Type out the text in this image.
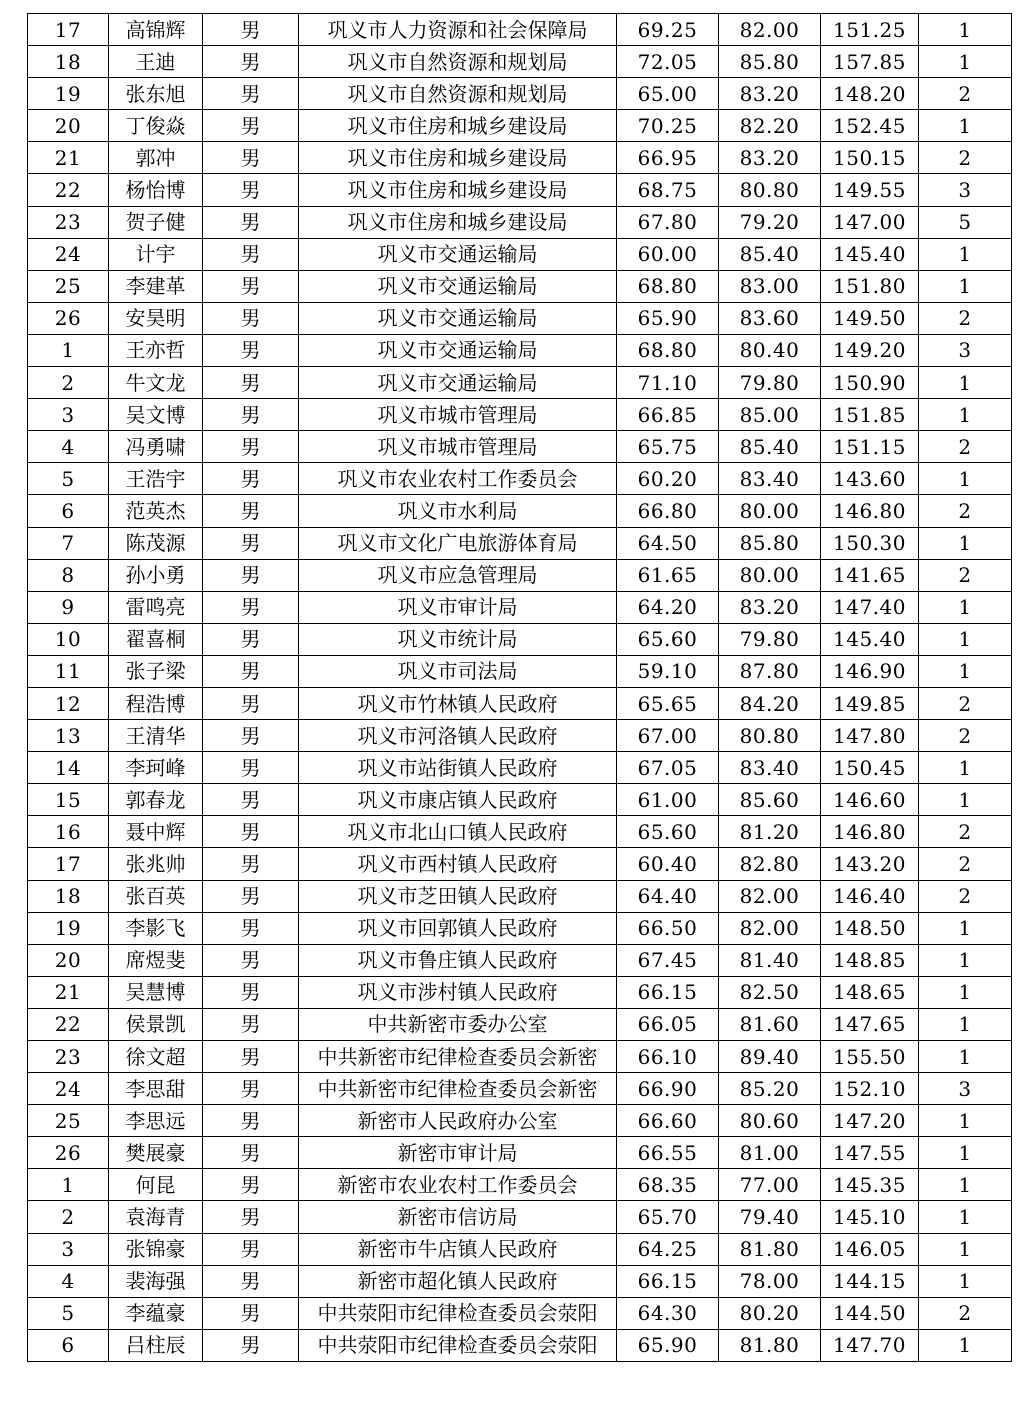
17	高锦辉	男	巩义市人力资源和社会保障局	69.25	82.00	151.25	1
18	王迪	男	巩义市自然资源和规划局	72.05	85.80	157.85	1
19	张东旭	男	巩义市自然资源和规划局	65.00	83.20	148.20	2
20	丁俊焱	男	巩义市住房和城乡建设局	70.25	82.20	152.45	1
21	郭冲	男	巩义市住房和城乡建设局	66.95	83.20	150.15	2
22	杨怡博	男	巩义市住房和城乡建设局	68.75	80.80	149.55	3
23	贺子健	男	巩义市住房和城乡建设局	67.80	79.20	147.00	5
24	计宇	男	巩义市交通运输局	60.00	85.40	145.40	1
25	李建革	男	巩义市交通运输局	68.80	83.00	151.80	1
26	安昊明	男	巩义市交通运输局	65.90	83.60	149.50	2
1	王亦哲	男	巩义市交通运输局	68.80	80.40	149.20	3
2	牛文龙	男	巩义市交通运输局	71.10	79.80	150.90	1
3	吴文博	男	巩义市城市管理局	66.85	85.00	151.85	1
4	冯勇啸	男	巩义市城市管理局	65.75	85.40	151.15	2
5	王浩宇	男	巩义市农业农村工作委员会	60.20	83.40	143.60	1
6	范英杰	男	巩义市水利局	66.80	80.00	146.80	2
7	陈茂源	男	巩义市文化广电旅游体育局	64.50	85.80	150.30	1
8	孙小勇	男	巩义市应急管理局	61.65	80.00	141.65	2
9	雷鸣亮	男	巩义市审计局	64.20	83.20	147.40	1
10	翟喜桐	男	巩义市统计局	65.60	79.80	145.40	1
11	张子梁	男	巩义市司法局	59.10	87.80	146.90	1
12	程浩博	男	巩义市竹林镇人民政府	65.65	84.20	149.85	2
13	王清华	男	巩义市河洛镇人民政府	67.00	80.80	147.80	2
14	李珂峰	男	巩义市站街镇人民政府	67.05	83.40	150.45	1
15	郭春龙	男	巩义市康店镇人民政府	61.00	85.60	146.60	1
16	聂中辉	男	巩义市北山口镇人民政府	65.60	81.20	146.80	2
17	张兆帅	男	巩义市西村镇人民政府	60.40	82.80	143.20	2
18	张百英	男	巩义市芝田镇人民政府	64.40	82.00	146.40	2
19	李影飞	男	巩义市回郭镇人民政府	66.50	82.00	148.50	1
20	席煜斐	男	巩义市鲁庄镇人民政府	67.45	81.40	148.85	1
21	吴慧博	男	巩义市涉村镇人民政府	66.15	82.50	148.65	1
22	侯景凯	男	中共新密市委办公室	66.05	81.60	147.65	1
23	徐文超	男	中共新密市纪律检查委员会新密	66.10	89.40	155.50	1
24	李思甜	男	中共新密市纪律检查委员会新密	66.90	85.20	152.10	3
25	李思远	男	新密市人民政府办公室	66.60	80.60	147.20	1
26	樊展豪	男	新密市审计局	66.55	81.00	147.55	1
1	何昆	男	新密市农业农村工作委员会	68.35	77.00	145.35	1
2	袁海青	男	新密市信访局	65.70	79.40	145.10	1
3	张锦豪	男	新密市牛店镇人民政府	64.25	81.80	146.05	1
4	裴海强	男	新密市超化镇人民政府	66.15	78.00	144.15	1
5	李蕴豪	男	中共荥阳市纪律检查委员会荥阳	64.30	80.20	144.50	2
6	吕柱辰	男	中共荥阳市纪律检查委员会荥阳	65.90	81.80	147.70	1
